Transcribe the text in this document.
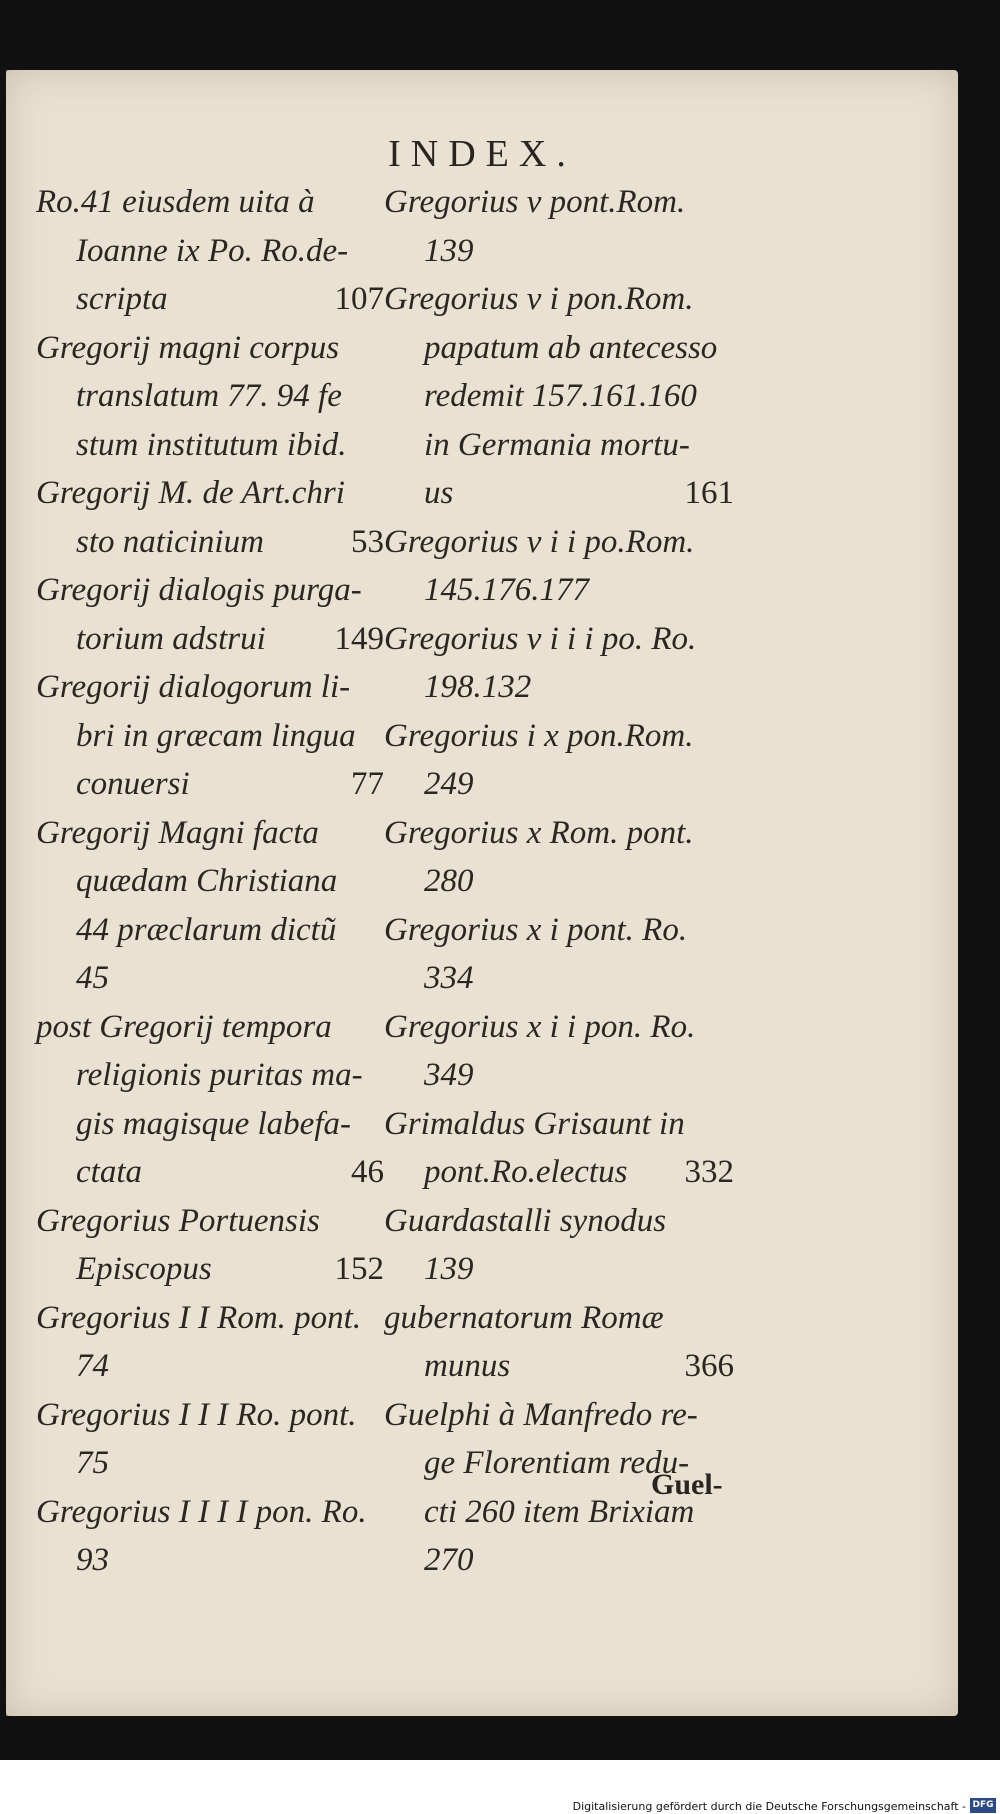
INDEX.
Ro.41 eiusdem uita à
Ioanne ix Po. Ro.de-
scripta	107
Gregorij magni corpus
translatum 77. 94 fe
stum institutum ibid.
Gregorij M. de Art.chri
sto naticinium	53
Gregorij dialogis purga-
torium adstrui 149
Gregorij dialogorum li-
bri in græcam lingua
conuersi	77
Gregorij Magni facta
quædam Christiana
44 præclarum dictũ
45
post Gregorij tempora
religionis puritas ma-
gis magisque labefa-
ctata	46
Gregorius Portuensis
Episcopus	152
Gregorius I I Rom. pont.
74
Gregorius I I I Ro. pont.
75
Gregorius I I I I pon. Ro.
93
Gregorius v pont.Rom.
139
Gregorius v i pon.Rom.
papatum ab antecesso
redemit 157.161.160
in Germania mortu-
us	161
Gregorius v i i po.Rom.
145.176.177
Gregorius v i i i po. Ro.
198.132
Gregorius i x pon.Rom.
249
Gregorius x Rom. pont.
280
Gregorius x i pont. Ro.
334
Gregorius x i i pon. Ro.
349
Grimaldus Grisaunt in
pont.Ro.electus 332
Guardastalli synodus
139
gubernatorum Romæ
munus	366
Guelphi à Manfredo re-
ge Florentiam redu-
cti 260 item Brixiam
270
Guel-
Digitalisierung gefördert durch die Deutsche Forschungsgemeinschaft - DFG
